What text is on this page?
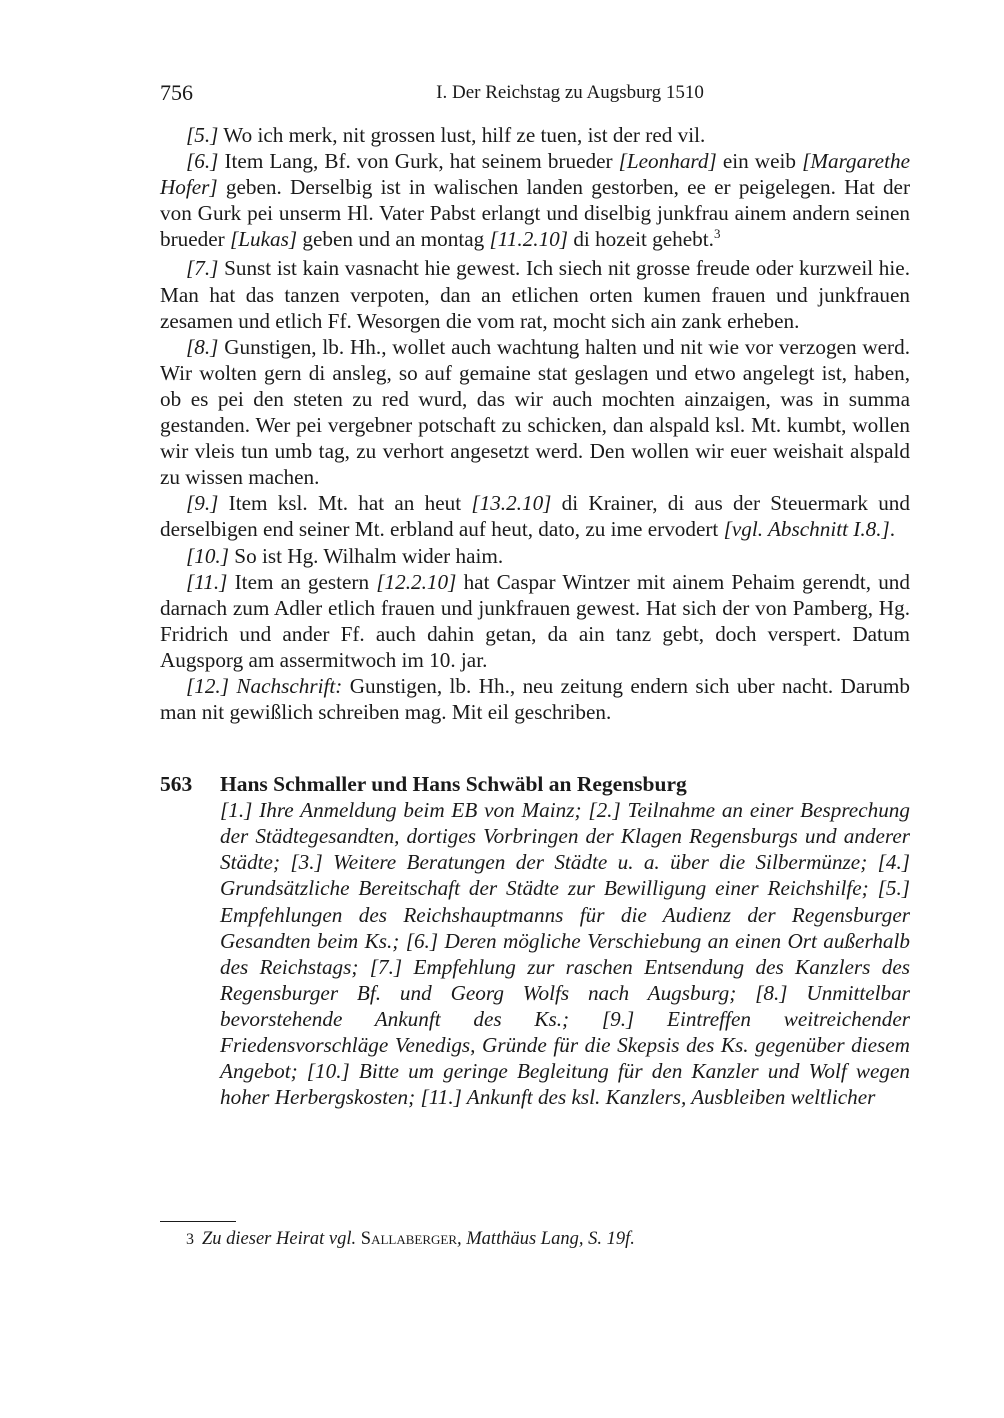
756	I. Der Reichstag zu Augsburg 1510

[5.] Wo ich merk, nit grossen lust, hilf ze tuen, ist der red vil.

[6.] Item Lang, Bf. von Gurk, hat seinem brueder [Leonhard] ein weib [Margarethe Hofer] geben. Derselbig ist in walischen landen gestorben, ee er peigelegen. Hat der von Gurk pei unserm Hl. Vater Pabst erlangt und diselbig junkfrau ainem andern seinen brueder [Lukas] geben und an montag [11.2.10] di hozeit gehebt.$^3$

[7.] Sunst ist kain vasnacht hie gewest. Ich siech nit grosse freude oder kurzweil hie. Man hat das tanzen verpoten, dan an etlichen orten kumen frauen und junkfrauen zesamen und etlich Ff. Wesorgen die vom rat, mocht sich ain zank erheben.

[8.] Gunstigen, lb. Hh., wollet auch wachtung halten und nit wie vor verzogen werd. Wir wolten gern di ansleg, so auf gemaine stat geslagen und etwo angelegt ist, haben, ob es pei den steten zu red wurd, das wir auch mochten ainzaigen, was in summa gestanden. Wer pei vergebner potschaft zu schicken, dan alspald ksl. Mt. kumbt, wollen wir vleis tun umb tag, zu verhort angesetzt werd. Den wollen wir euer weishait alspald zu wissen machen.

[9.] Item ksl. Mt. hat an heut [13.2.10] di Krainer, di aus der Steuermark und derselbigen end seiner Mt. erbland auf heut, dato, zu ime ervodert [vgl. Abschnitt I.8.].

[10.] So ist Hg. Wilhalm wider haim.

[11.] Item an gestern [12.2.10] hat Caspar Wintzer mit ainem Pehaim gerendt, und darnach zum Adler etlich frauen und junkfrauen gewest. Hat sich der von Pamberg, Hg. Fridrich und ander Ff. auch dahin getan, da ain tanz gebt, doch verspert. Datum Augsporg am assermitwoch im 10. jar.

[12.] Nachschrift: Gunstigen, lb. Hh., neu zeitung endern sich uber nacht. Darumb man nit gewißlich schreiben mag. Mit eil geschriben.

563	Hans Schmaller und Hans Schwäbl an Regensburg
[1.] Ihre Anmeldung beim EB von Mainz; [2.] Teilnahme an einer Besprechung der Städtegesandten, dortiges Vorbringen der Klagen Regensburgs und anderer Städte; [3.] Weitere Beratungen der Städte u. a. über die Silbermünze; [4.] Grundsätzliche Bereitschaft der Städte zur Bewilligung einer Reichshilfe; [5.] Empfehlungen des Reichshauptmanns für die Audienz der Regensburger Gesandten beim Ks.; [6.] Deren mögliche Verschiebung an einen Ort außerhalb des Reichstags; [7.] Empfehlung zur raschen Entsendung des Kanzlers des Regensburger Bf. und Georg Wolfs nach Augsburg; [8.] Unmittelbar bevorstehende Ankunft des Ks.; [9.] Eintreffen weitreichender Friedensvorschläge Venedigs, Gründe für die Skepsis des Ks. gegenüber diesem Angebot; [10.] Bitte um geringe Begleitung für den Kanzler und Wolf wegen hoher Herbergskosten; [11.] Ankunft des ksl. Kanzlers, Ausbleiben weltlicher
3 Zu dieser Heirat vgl. Sallaberger, Matthäus Lang, S. 19f.
